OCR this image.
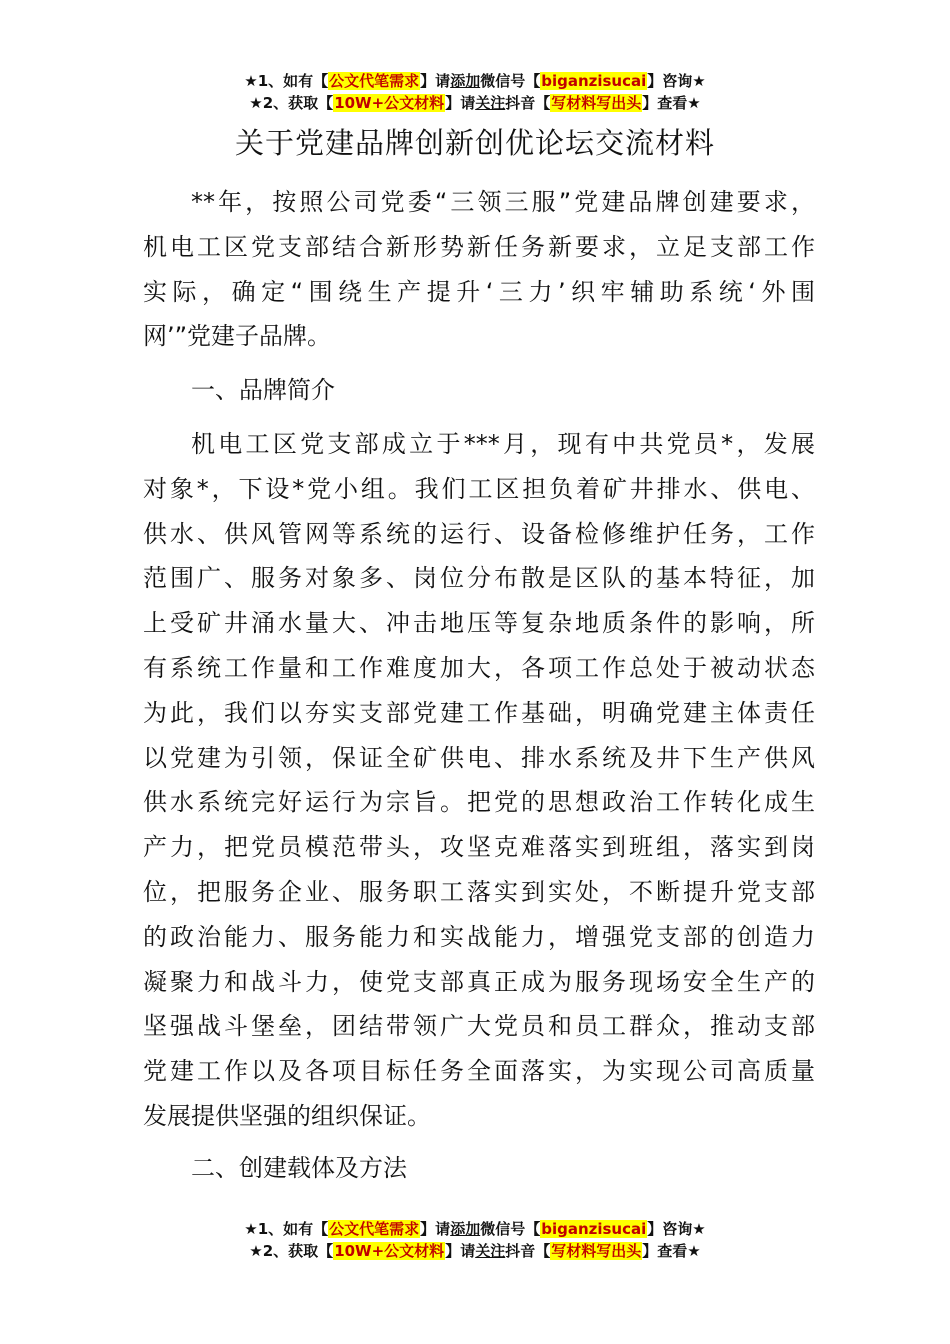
★1、如有【公文代笔需求】请添加微信号【biganzisucai】咨询★
★2、获取【10W+公文材料】请关注抖音【写材料写出头】查看★
关于党建品牌创新创优论坛交流材料
**年，按照公司党委“三领三服”党建品牌创建要求，
机电工区党支部结合新形势新任务新要求，立足支部工作
实际，确定“围绕生产提升‘三力’织牢辅助系统‘外围
网’”党建子品牌。
一、品牌简介
机电工区党支部成立于***月，现有中共党员*，发展
对象*，下设*党小组。我们工区担负着矿井排水、供电、
供水、供风管网等系统的运行、设备检修维护任务，工作
范围广、服务对象多、岗位分布散是区队的基本特征，加
上受矿井涌水量大、冲击地压等复杂地质条件的影响，所
有系统工作量和工作难度加大，各项工作总处于被动状态
为此，我们以夯实支部党建工作基础，明确党建主体责任
以党建为引领，保证全矿供电、排水系统及井下生产供风
供水系统完好运行为宗旨。把党的思想政治工作转化成生
产力，把党员模范带头，攻坚克难落实到班组，落实到岗
位，把服务企业、服务职工落实到实处，不断提升党支部
的政治能力、服务能力和实战能力，增强党支部的创造力
凝聚力和战斗力，使党支部真正成为服务现场安全生产的
坚强战斗堡垒，团结带领广大党员和员工群众，推动支部
党建工作以及各项目标任务全面落实，为实现公司高质量
发展提供坚强的组织保证。
二、创建载体及方法
★1、如有【公文代笔需求】请添加微信号【biganzisucai】咨询★
★2、获取【10W+公文材料】请关注抖音【写材料写出头】查看★
